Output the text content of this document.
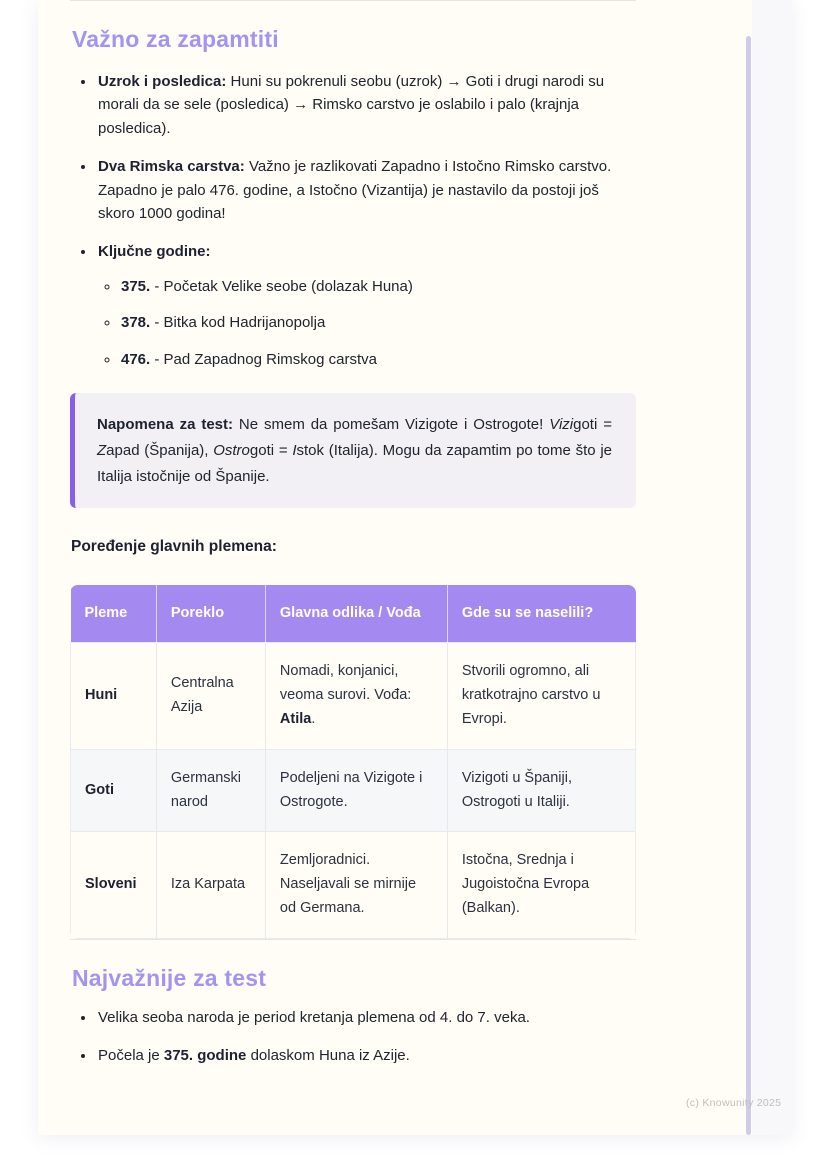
Važno za zapamtiti
• Uzrok i posledica: Huni su pokrenuli seobu (uzrok) → Goti i drugi narodi su morali da se sele (posledica) → Rimsko carstvo je oslabilo i palo (krajnja posledica).
• Dva Rimska carstva: Važno je razlikovati Zapadno i Istočno Rimsko carstvo. Zapadno je palo 476. godine, a Istočno (Vizantija) je nastavilo da postoji još skoro 1000 godina!
• Ključne godine:
◦ 375. - Početak Velike seobe (dolazak Huna)
◦ 378. - Bitka kod Hadrijanopolja
◦ 476. - Pad Zapadnog Rimskog carstva

Napomena za test: Ne smem da pomešam Vizigote i Ostrogote! Vizigoti = Zapad (Španija), Ostrogoti = Istok (Italija). Mogu da zapamtim po tome što je Italija istočnije od Španije.

Poređenje glavnih plemena:

Pleme	Poreklo	Glavna odlika / Vođa	Gde su se naselili?
Huni	Centralna Azija	Nomadi, konjanici, veoma surovi. Vođa: Atila.	Stvorili ogromno, ali kratkotrajno carstvo u Evropi.
Goti	Germanski narod	Podeljeni na Vizigote i Ostrogote.	Vizigoti u Španiji, Ostrogoti u Italiji.
Sloveni	Iza Karpata	Zemljoradnici. Naseljavali se mirnije od Germana.	Istočna, Srednja i Jugoistočna Evropa (Balkan).
Najvažnije za test
• Velika seoba naroda je period kretanja plemena od 4. do 7. veka.
• Počela je 375. godine dolaskom Huna iz Azije.
(c) Knowunity 2025
